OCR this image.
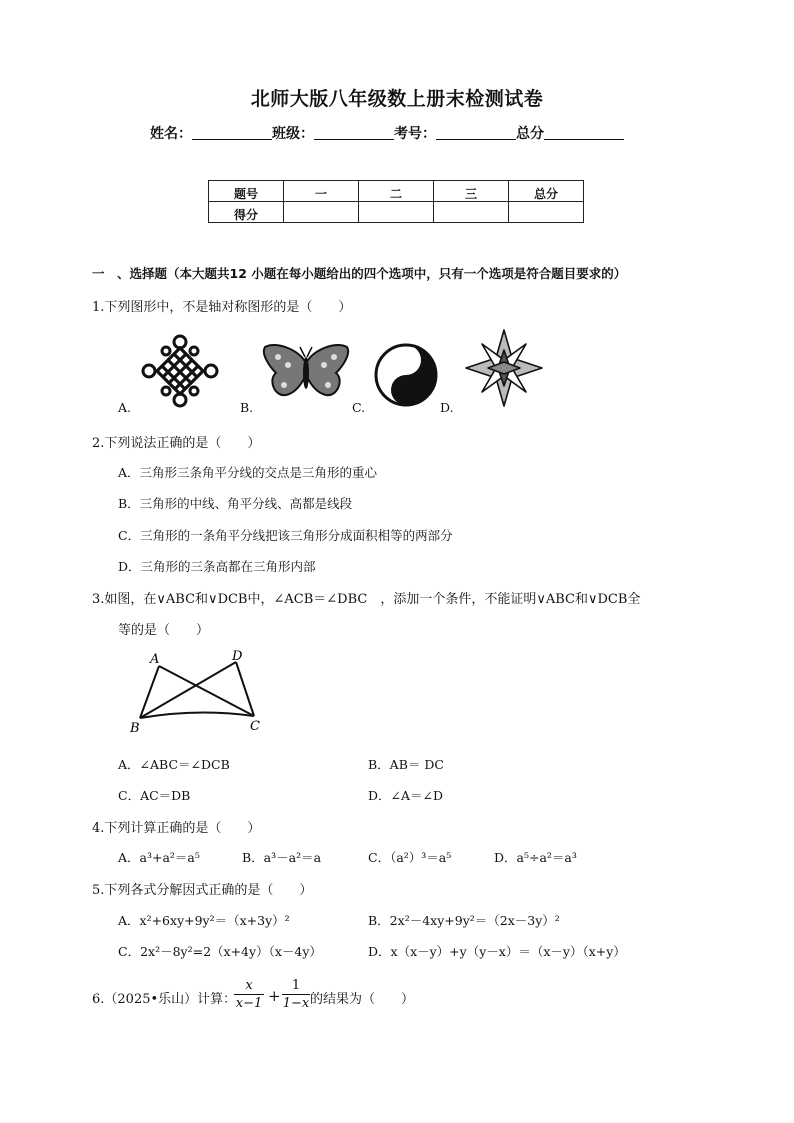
北师大版八年级数上册末检测试卷
姓名：	班级：	考号：	总分
题号	一	二	三	总分
得分				
一　、选择题（本大题共12 小题在每小题给出的四个选项中，只有一个选项是符合题目要求的）
1.下列图形中，不是轴对称图形的是（　　）
A.	B.	C.	D.
2.下列说法正确的是（　　）
A．三角形三条角平分线的交点是三角形的重心
B．三角形的中线、角平分线、高都是线段
C．三角形的一条角平分线把该三角形分成面积相等的两部分
D．三角形的三条高都在三角形内部
3.如图，在∨ABC和∨DCB中，∠ACB＝∠DBC　，添加一个条件，不能证明∨ABC和∨DCB全
等的是（　　）
A	D
B	C
A．∠ABC＝∠DCB	B．AB＝ DC
C．AC＝DB	D．∠A＝∠D
4.下列计算正确的是（　　）
A．a³+a²＝a⁵	B．a³－a²＝a	C．（a²）³＝a⁵	D．a⁵÷a²＝a³
5.下列各式分解因式正确的是（　　）
A．x²+6xy+9y²＝（x+3y）²	B．2x²－4xy+9y²＝（2x－3y）²
C．2x²－8y²=2（x+4y）（x－4y）	D．x（x－y）+y（y－x）＝（x－y）（x+y）
6.（2025•乐山）计算：
$\frac{x}{x-1} + \frac{1}{1-x}$ 的结果为（　　）
